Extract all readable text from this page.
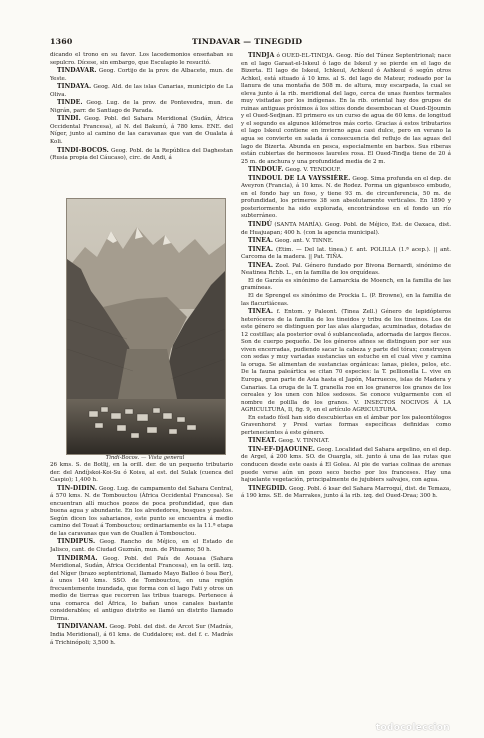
1360	TINDAVAR — TINEGDID

dicando el trono en su favor. Los lacedemonios enseñaban su sepulcro. Dícese, sin embargo, que Esculapio le resucitó.

TINDAVAR. Geog. Cortijo de la prov. de Albacete, mun. de Yeste.

TINDAYA. Geog. Ald. de las islas Canarias, municipio de La Oliva.

TINDE. Geog. Lug. de la prov. de Pontevedra, mun. de Nigrán, parr. de Santiago de Parada.

TINDI. Geog. Pobl. del Sahara Meridional (Sudán, África Occidental Francesa), al N. del Bakunú, á 780 kms. ENE. del Níger, junto al camino de las caravanas que van de Oualata á Koli.

TINDI-BOCOS. Geog. Pobl. de la República del Daghestan (Rusia propia del Cáucaso), circ. de Andi, á

Tindi-Bocos. — Vista general

26 kms. S. de Botlij, en la orill. der. de un pequeño tributario der. del Andíjskoi-Koi-Su ó Koisu, al est. del Sulak (cuenca del Caspio); 1,400 h.

TIN-DIDIN. Geog. Lug. de campamento del Sahara Central, á 570 kms. N. de Tombouctou (África Occidental Francesa). Se encuentran allí muchos pozos de poca profundidad, que dan buena agua y abundante. En los alrededores, bosques y pastos. Según dicen los saharianos, este punto se encuentra á medio camino del Touat á Tombouctou; ordinariamente es la 11.ª etapa de las caravanas que van de Ouallen á Tombouctou.

TINDIPUS. Geog. Rancho de Méjico, en el Estado de Jalisco, cant. de Ciudad Guzmán, mun. de Pihuamo; 50 h.

TINDIRMA. Geog. Pobl. del País de Aouasa (Sahara Meridional, Sudán, África Occidental Francesa), en la orill. izq. del Níger (brazo septentrional, llamado Mayo Balleo ó Issa Ber), á unos 140 kms. SSO. de Tombouctou, en una región frecuentemente inundada, que forma con el lago Fati y otros un medio de tierras que recorren las tribus tuaregs. Pertenece á una comarca del África, lo bañan unos canales bastante considerables; el antiguo distrito se llamó un distrito llamado Dirma.

TINDIVANAM. Geog. Pobl. del dist. de Arcot Sur (Madrás, India Meridional), á 61 kms. de Cuddalore; est. del f. c. Madrás á Trichinópoli; 3,500 h.

TINDJA ó OUED-EL-TINDJA. Geog. Río del Túnez Septentrional; nace en el lago Garaat-el-Iskeul ó lago de Iskeul y se pierde en el lago de Bizerta. El lago de Iskeul, Ichkeul, Achkeul ó Ashkeul ó según otros Achkel, está situado á 10 kms. al S. del lago de Mateur, rodeado por la llanura de una montaña de 508 m. de altura, muy escarpada, la cual se eleva junto á la rib. meridional del lago, cerca de unas fuentes termales muy visitadas por los indígenas. En la rib. oriental hay dos grupos de ruinas antiguas próximos á los sitios donde desembocan el Oued-Djoumin y el Oued-Sedjnan. El primero es un curso de agua de 60 kms. de longitud y el segundo es algunos kilómetros más corto. Gracias á estos tributarios el lago Iskeul contiene en invierno agua casi dulce, pero en verano la agua se convierte en salada á consecuencia del reflujo de las aguas del lago de Bizerta. Abunda en pesca, especialmente en barbos. Sus riberas están cubiertas de hermosos laureles rosa. El Oued-Tindja tiene de 20 á 25 m. de anchura y una profundidad media de 2 m.

TINDOUF. Geog. V. TENDOUF.

TINDOUL DE LA VAYSSIÈRE. Geog. Sima profunda en el dep. de Aveyron (Francia), á 10 kms. N. de Rodez. Forma un gigantesco embudo, en el fondo hay un foso, y tiene 93 m. de circunferencia, 50 m. de profundidad, los primeros 38 son absolutamente verticales. En 1890 y posteriormente ha sido explorada, encontrándose en el fondo un río subterráneo.

TINDÚ (SANTA MARÍA). Geog. Pobl. de Méjico, Est. de Oaxaca, dist. de Huajuapan; 400 h. (con la agencia municipal).

TINEA. Geog. ant. V. TINNE.

TINEA. (Etim. — Del lat. tinea.) f. ant. POLILLA (1.ª acep.). || ant. Carcoma de la madera. || Pat. TIÑA.

TINEA. Zool. Pal. Género fundado por Bivona Bernardi, sinónimo de Neatinea Rchb. L., en la familia de los orquídeas.

El de Garzía es sinónimo de Lamarckia de Moench, en la familia de las gramíneas.

El de Sprengel es sinónimo de Prockia L. (P. Browne), en la familia de las flacurtiáceas.

TINEA. f. Entom. y Paleont. (Tinea Zell.) Género de lepidópteros heteróceros de la familia de los tineidos y tribu de los tineinos. Los de este género se distinguen por las alas alargadas, acuminadas, dotadas de 12 costillas; ala posterior oval ó sublanceolada, adornada de largos flecos. Son de cuerpo pequeño. De los géneros afines se distinguen por ser sus viven encerradas, pudiendo sacar la cabeza y parte del tórax; construyen con sedas y muy variadas sustancias un estuche en el cual vive y camina la oruga. Se alimentan de sustancias orgánicas: lanas, pieles, pelos, etc. De la fauna paleártica se citan 70 especies: la T. pellionella L. vive en Europa, gran parte de Asia hasta el Japón, Marruecos, islas de Madera y Canarias. La oruga de la T. granella roe en los graneros los granos de los cereales y los unen con hilos sedosos. Se conoce vulgarmente con el nombre de polilla de los granos. V. INSECTOS NOCIVOS Á LA AGRICULTURA, Il, fig. 9, en el artículo AGRICULTURA.

En estado fósil han sido descubiertas en el ámbar por los paleontólogos Gravenhorst y Presl varias formas específicas definidas como pertenecientes á este género.

TINEAT. Geog. V. TINNIAT.

TIN-EF-DJAOUINE. Geog. Localidad del Sahara argelino, en el dep. de Argel, á 200 kms. SO. de Ouargla, sit. junto á una de las rutas que conducen desde este oasis á El Golea. Al pie de varias colinas de arenas puede verse aún un pozo seco hecho por los franceses. Hay una hajuelante vegetación, principalmente de jujubiers salvajes, con agua.

TINEGDID. Geog. Pobl. ó ksar del Sahara Marroquí, dist. de Temaza, á 190 kms. SE. de Marrakes, junto á la rib. izq. del Oued-Draa; 300 h.

todocoleccion
